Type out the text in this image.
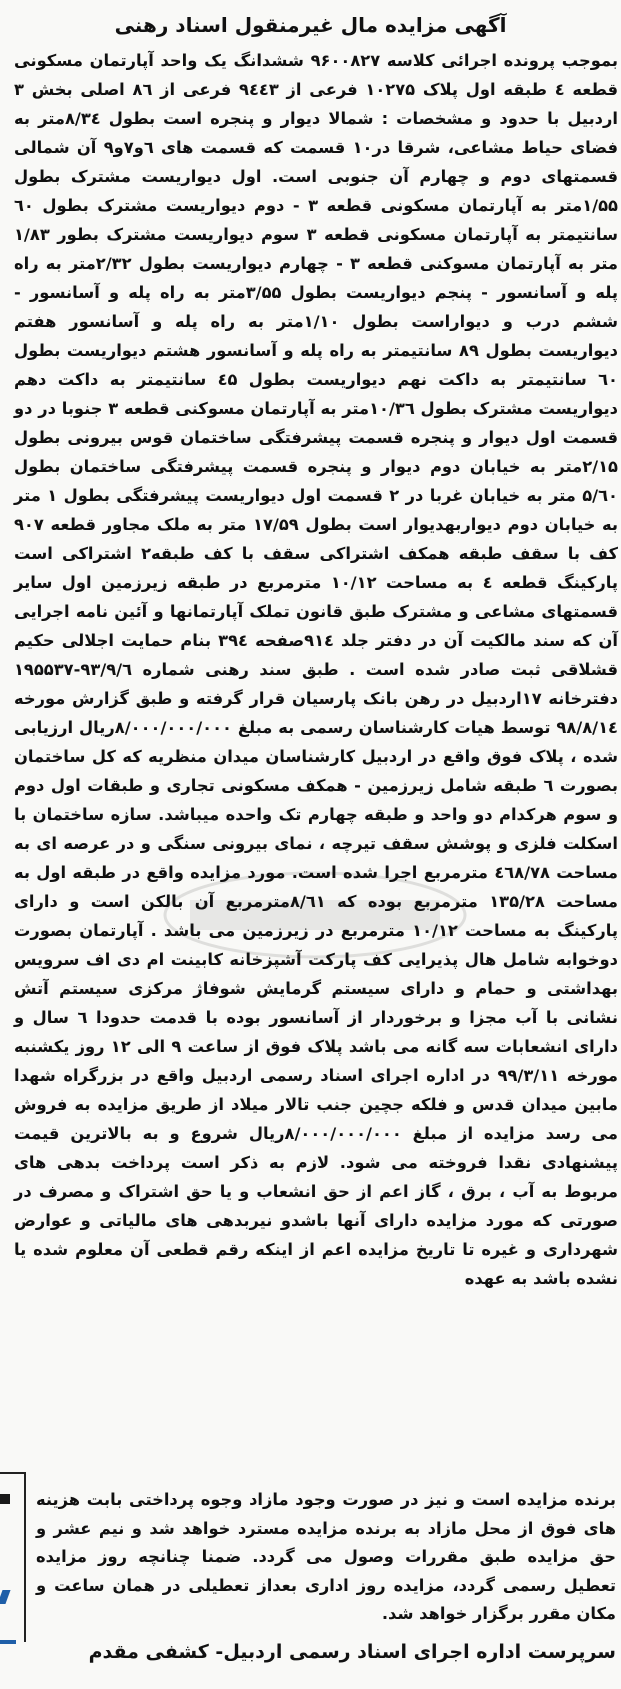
آگهی مزایده مال غیرمنقول اسناد رهنی
بموجب پرونده اجرائی کلاسه ۹۶۰۰۸۲۷ ششدانگ یک واحد آپارتمان مسکونی قطعه ٤ طبقه اول پلاک ۱۰۲۷۵ فرعی از ۹٤٤۳ فرعی از ۸٦ اصلی بخش ۳ اردبیل با حدود و مشخصات : شمالا دیوار و پنجره است بطول ۸/۳٤متر به فضای حیاط مشاعی، شرقا در۱۰ قسمت که قسمت های ٦و۷و۹ آن شمالی قسمتهای دوم و چهارم آن جنوبی است. اول دیواریست مشترک بطول ۱/۵۵متر به آپارتمان مسکونی قطعه ۳ - دوم دیواریست مشترک بطول ٦۰ سانتیمتر به آپارتمان مسکونی قطعه ۳ سوم دیواریست مشترک بطور ۱/۸۳ متر به آپارتمان مسوکنی قطعه ۳ - چهارم دیواریست بطول ۲/۳۲متر به راه پله و آسانسور - پنجم دیواریست بطول ۳/۵۵متر به راه پله و آسانسور - ششم درب و دیواراست بطول ۱/۱۰متر به راه پله و آسانسور هفتم دیواریست بطول ۸۹ سانتیمتر به راه پله و آسانسور هشتم دیواریست بطول ٦۰ سانتیمتر به داکت نهم دیواریست بطول ٤۵ سانتیمتر به داکت دهم دیواریست مشترک بطول ۱۰/۳٦متر به آپارتمان مسوکنی قطعه ۳ جنوبا در دو قسمت اول دیوار و پنجره قسمت پیشرفتگی ساختمان قوس بیرونی بطول ۲/۱۵متر به خیابان دوم دیوار و پنجره قسمت پیشرفتگی ساختمان بطول ۵/٦۰ متر به خیابان غربا در ۲ قسمت اول دیواریست پیشرفتگی بطول ۱ متر به خیابان دوم دیواربهدیوار است بطول ۱۷/۵۹ متر به ملک مجاور قطعه ۹۰۷ کف با سقف طبقه همکف اشتراکی سقف با کف طبقه۲ اشتراکی است پارکینگ قطعه ٤ به مساحت ۱۰/۱۲ مترمربع در طبقه زیرزمین اول سایر قسمتهای مشاعی و مشترک طبق قانون تملک آپارتمانها و آئین نامه اجرایی آن که سند مالکیت آن در دفتر جلد ۹۱٤صفحه ۳۹٤ بنام حمایت اجلالی حکیم قشلاقی ثبت صادر شده است . طبق سند رهنی شماره ۹۳/۹/٦-۱۹۵۵۳۷ دفترخانه ۱۷اردبیل در رهن بانک پارسیان قرار گرفته و طبق گزارش مورخه ۹۸/۸/۱٤ توسط هیات کارشناسان رسمی به مبلغ ۸/۰۰۰/۰۰۰/۰۰۰ریال ارزیابی شده ، پلاک فوق واقع در اردبیل کارشناسان میدان منظریه که کل ساختمان بصورت ٦ طبقه شامل زیرزمین - همکف مسکونی تجاری و طبقات اول دوم و سوم هرکدام دو واحد و طبقه چهارم تک واحده میباشد. سازه ساختمان با اسکلت فلزی و پوشش سقف تیرچه ، نمای بیرونی سنگی و در عرصه ای به مساحت ٤٦۸/۷۸ مترمربع اجرا شده است. مورد مزایده واقع در طبقه اول به مساحت ۱۳۵/۲۸ مترمربع بوده که ۸/٦۱مترمربع آن بالکن است و دارای پارکینگ به مساحت ۱۰/۱۲ مترمربع در زیرزمین می باشد . آپارتمان بصورت دوخوابه شامل هال پذیرایی کف پارکت آشپزخانه کابینت ام دی اف سرویس بهداشتی و حمام و دارای سیستم گرمایش شوفاژ مرکزی سیستم آتش نشانی با آب مجزا و برخوردار از آسانسور بوده با قدمت حدودا ٦ سال و دارای انشعابات سه گانه می باشد پلاک فوق از ساعت ۹ الی ۱۲ روز یکشنبه مورخه ۹۹/۳/۱۱ در اداره اجرای اسناد رسمی اردبیل واقع در بزرگراه شهدا مابین میدان قدس و فلکه جچین جنب تالار میلاد از طریق مزایده به فروش می رسد مزایده از مبلغ ۸/۰۰۰/۰۰۰/۰۰۰ریال شروع و به بالاترین قیمت پیشنهادی نقدا فروخته می شود. لازم به ذکر است پرداخت بدهی های مربوط به آب ، برق ، گاز اعم از حق انشعاب و یا حق اشتراک و مصرف در صورتی که مورد مزایده دارای آنها باشدو نیربدهی های مالیاتی و عوارض شهرداری و غیره تا تاریخ مزایده اعم از اینکه رقم قطعی آن معلوم شده یا نشده باشد به عهده
برنده مزایده است و نیز در صورت وجود مازاد وجوه پرداختی بابت هزینه های فوق از محل مازاد به برنده مزایده مسترد خواهد شد و نیم عشر و حق مزایده طبق مقررات وصول می گردد. ضمنا چنانچه روز مزایده تعطیل رسمی گردد، مزایده روز اداری بعداز تعطیلی در همان ساعت و مکان مقرر برگزار خواهد شد.
سرپرست اداره اجرای اسناد رسمی اردبیل- کشفی مقدم
